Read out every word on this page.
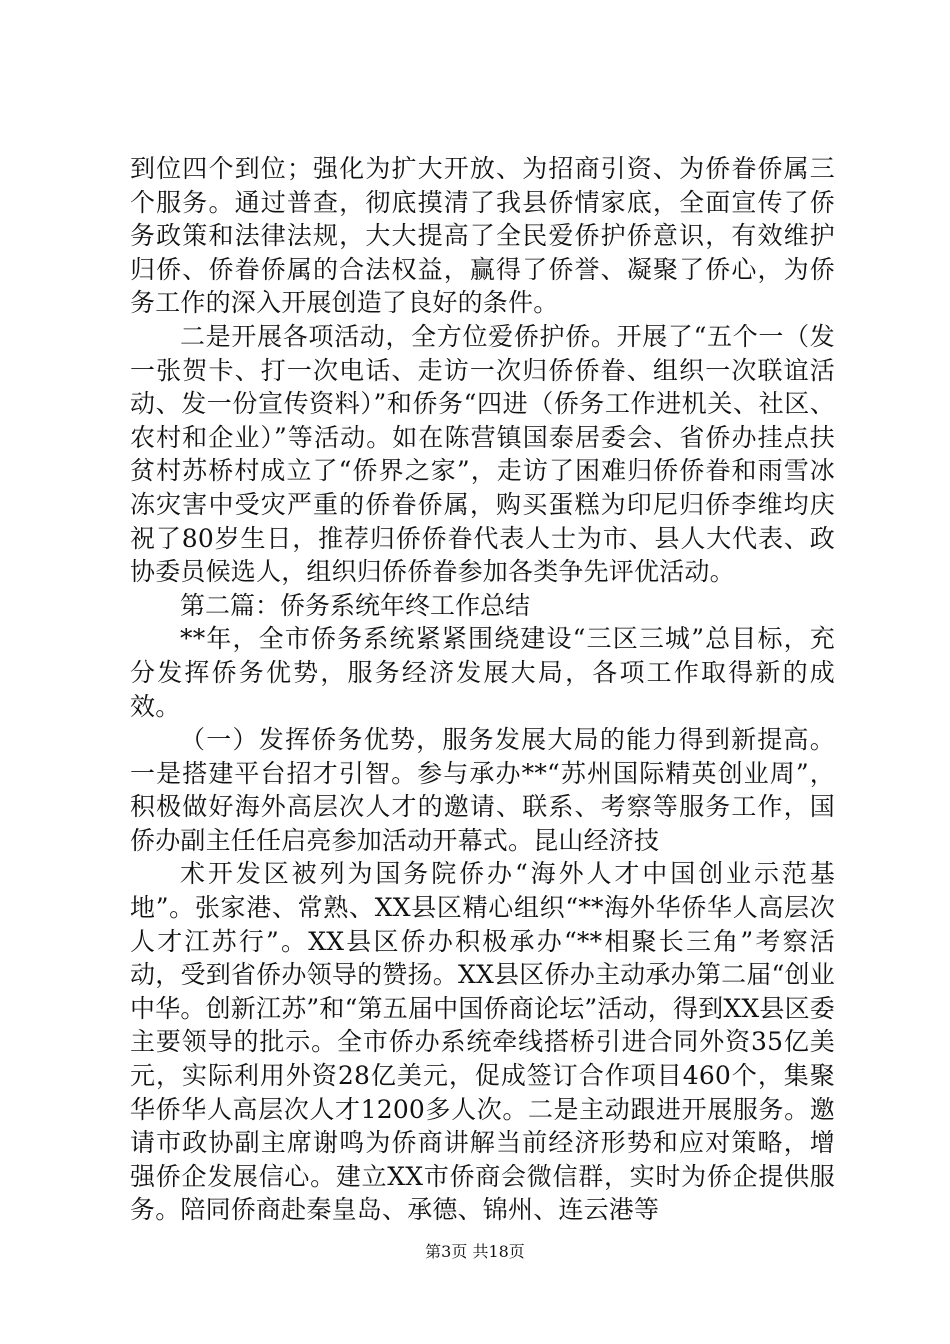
到位四个到位；强化为扩大开放、为招商引资、为侨眷侨属三个服务。通过普查，彻底摸清了我县侨情家底，全面宣传了侨务政策和法律法规，大大提高了全民爱侨护侨意识，有效维护归侨、侨眷侨属的合法权益，赢得了侨誉、凝聚了侨心，为侨务工作的深入开展创造了良好的条件。

二是开展各项活动，全方位爱侨护侨。开展了“五个一（发一张贺卡、打一次电话、走访一次归侨侨眷、组织一次联谊活动、发一份宣传资料）”和侨务“四进（侨务工作进机关、社区、农村和企业）”等活动。如在陈营镇国泰居委会、省侨办挂点扶贫村苏桥村成立了“侨界之家”，走访了困难归侨侨眷和雨雪冰冻灾害中受灾严重的侨眷侨属，购买蛋糕为印尼归侨李维均庆祝了80岁生日，推荐归侨侨眷代表人士为市、县人大代表、政协委员候选人，组织归侨侨眷参加各类争先评优活动。

第二篇：侨务系统年终工作总结

**年，全市侨务系统紧紧围绕建设“三区三城”总目标，充分发挥侨务优势，服务经济发展大局，各项工作取得新的成效。

（一）发挥侨务优势，服务发展大局的能力得到新提高。一是搭建平台招才引智。参与承办**“苏州国际精英创业周”，积极做好海外高层次人才的邀请、联系、考察等服务工作，国侨办副主任任启亮参加活动开幕式。昆山经济技

术开发区被列为国务院侨办“海外人才中国创业示范基地”。张家港、常熟、XX县区精心组织“**海外华侨华人高层次人才江苏行”。XX县区侨办积极承办“**相聚长三角”考察活动，受到省侨办领导的赞扬。XX县区侨办主动承办第二届“创业中华。创新江苏”和“第五届中国侨商论坛”活动，得到XX县区委主要领导的批示。全市侨办系统牵线搭桥引进合同外资35亿美元，实际利用外资28亿美元，促成签订合作项目460个，集聚华侨华人高层次人才1200多人次。二是主动跟进开展服务。邀请市政协副主席谢鸣为侨商讲解当前经济形势和应对策略，增强侨企发展信心。建立XX市侨商会微信群，实时为侨企提供服务。陪同侨商赴秦皇岛、承德、锦州、连云港等

第3页 共18页
